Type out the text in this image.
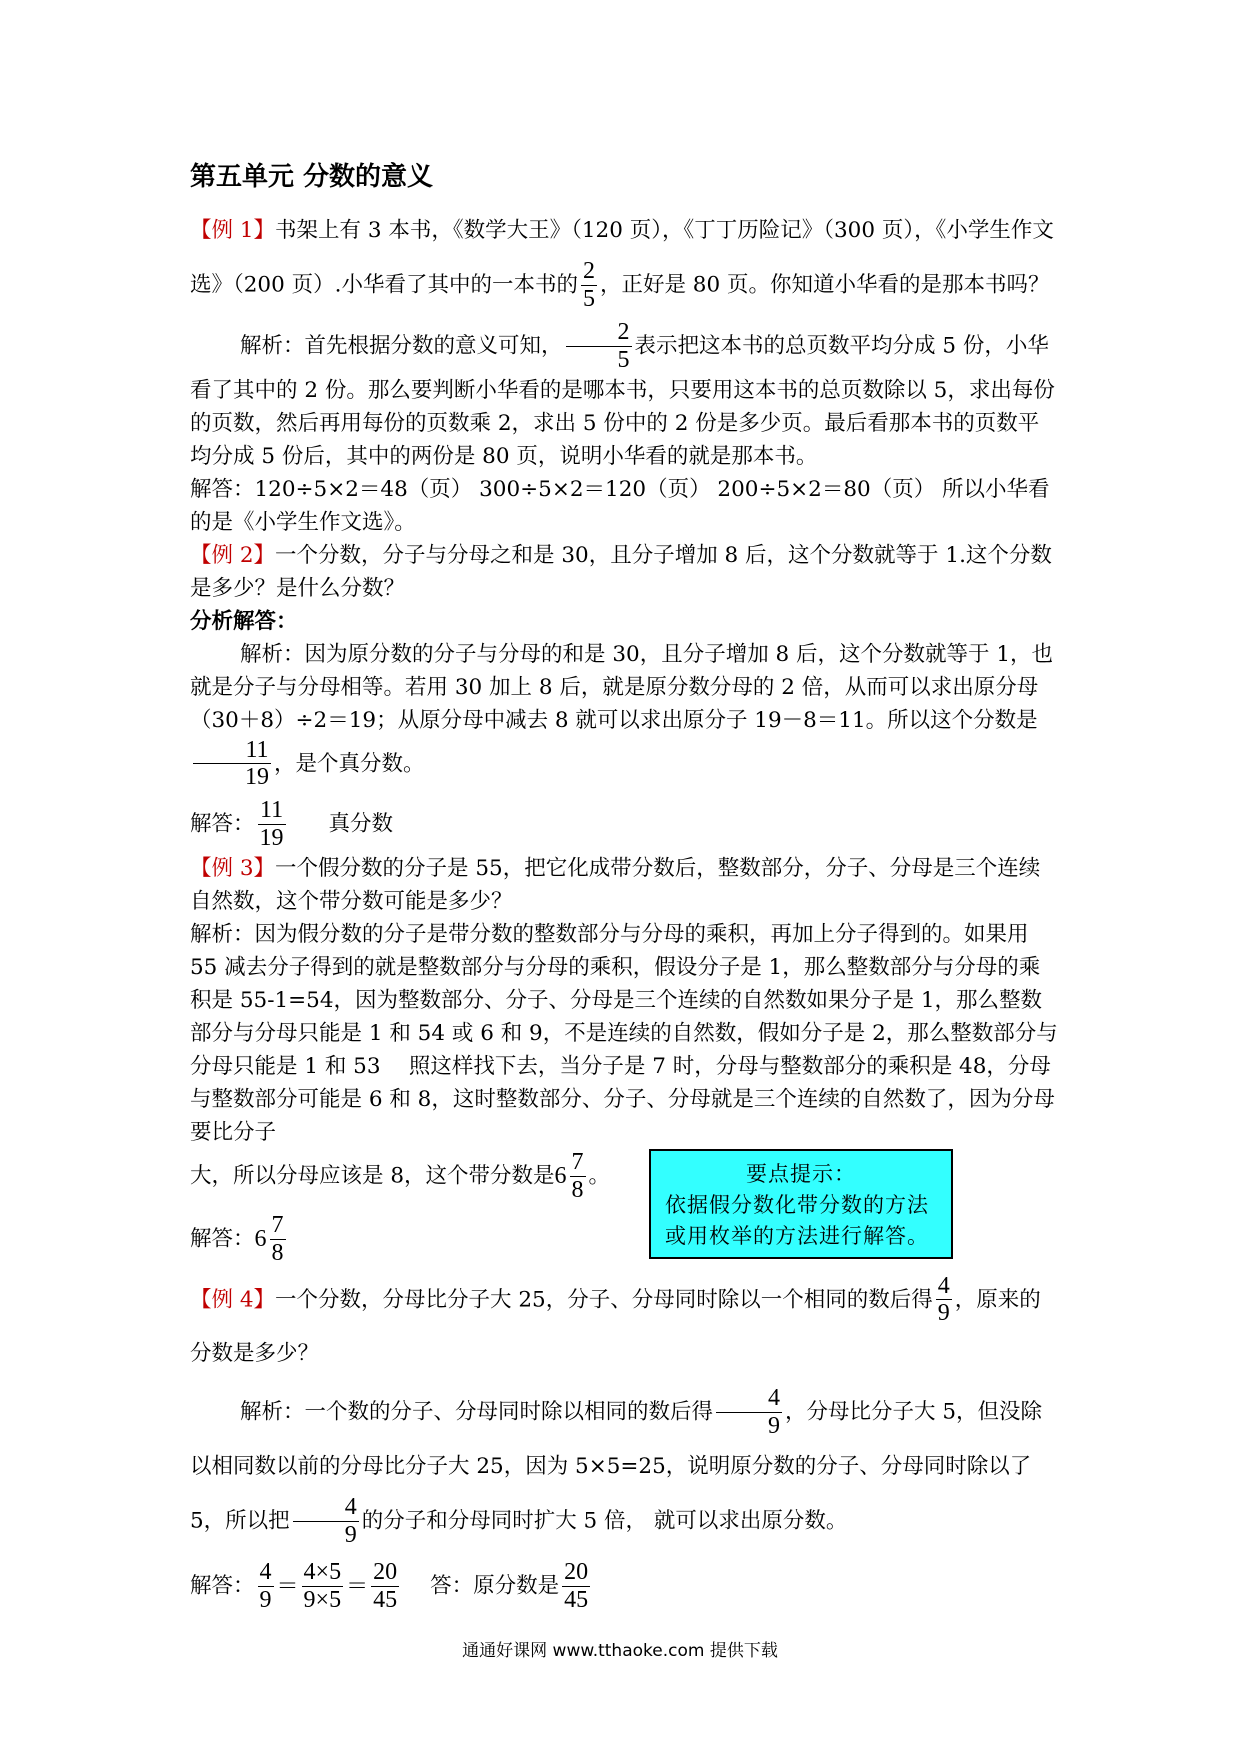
第五单元 分数的意义

【例 1】书架上有 3 本书，《数学大王》（120 页），《丁丁历险记》（300 页），《小学生作文选》（200 页）.小华看了其中的一本书的 $\frac{2}{5}$ ，正好是 80 页。你知道小华看的是那本书吗？

解析：首先根据分数的意义可知， $\frac{2}{5}$ 表示把这本书的总页数平均分成 5 份，小华看了其中的 2 份。那么要判断小华看的是哪本书，只要用这本书的总页数除以 5，求出每份的页数，然后再用每份的页数乘 2，求出 5 份中的 2 份是多少页。最后看那本书的页数平均分成 5 份后，其中的两份是 80 页，说明小华看的就是那本书。

解答：120÷5×2＝48（页） 300÷5×2＝120（页） 200÷5×2＝80（页） 所以小华看的是《小学生作文选》。

【例 2】一个分数，分子与分母之和是 30，且分子增加 8 后，这个分数就等于 1.这个分数是多少？是什么分数？

分析解答：

解析：因为原分数的分子与分母的和是 30，且分子增加 8 后，这个分数就等于 1，也就是分子与分母相等。若用 30 加上 8 后，就是原分数分母的 2 倍，从而可以求出原分母（30＋8）÷2＝19；从原分母中减去 8 就可以求出原分子 19－8＝11。所以这个分数是
$\frac{11}{19}$ ，是个真分数。

解答： $\frac{11}{19}$ 真分数

【例 3】一个假分数的分子是 55，把它化成带分数后，整数部分，分子、分母是三个连续自然数，这个带分数可能是多少？

解析：因为假分数的分子是带分数的整数部分与分母的乘积，再加上分子得到的。如果用 55 减去分子得到的就是整数部分与分母的乘积，假设分子是 1，那么整数部分与分母的乘积是 55-1=54，因为整数部分、分子、分母是三个连续的自然数如果分子是 1，那么整数部分与分母只能是 1 和 54 或 6 和 9，不是连续的自然数，假如分子是 2，那么整数部分与分母只能是 1 和 53　 照这样找下去，当分子是 7 时，分母与整数部分的乘积是 48，分母与整数部分可能是 6 和 8，这时整数部分、分子、分母就是三个连续的自然数了，因为分母要比分子

大，所以分母应该是 8，这个带分数是 $6 \frac{7}{8}$ 。

解答： $6 \frac{7}{8}$

要点提示：
依据假分数化带分数的方法
或用枚举的方法进行解答。

【例 4】一个分数，分母比分子大 25，分子、分母同时除以一个相同的数后得 $\frac{4}{9}$ ，原来的分数是多少？

解析：一个数的分子、分母同时除以相同的数后得 $\frac{4}{9}$ ，分母比分子大 5，但没除以相同数以前的分母比分子大 25，因为 5×5=25，说明原分数的分子、分母同时除以了 5，所以把 $\frac{4}{9}$ 的分子和分母同时扩大 5 倍， 就可以求出原分数。

解答： $\frac{4}{9} = \frac{4\times 5}{9\times 5} = \frac{20}{45}$ 答：原分数是 $\frac{20}{45}$

通通好课网 www.tthaoke.com 提供下载
